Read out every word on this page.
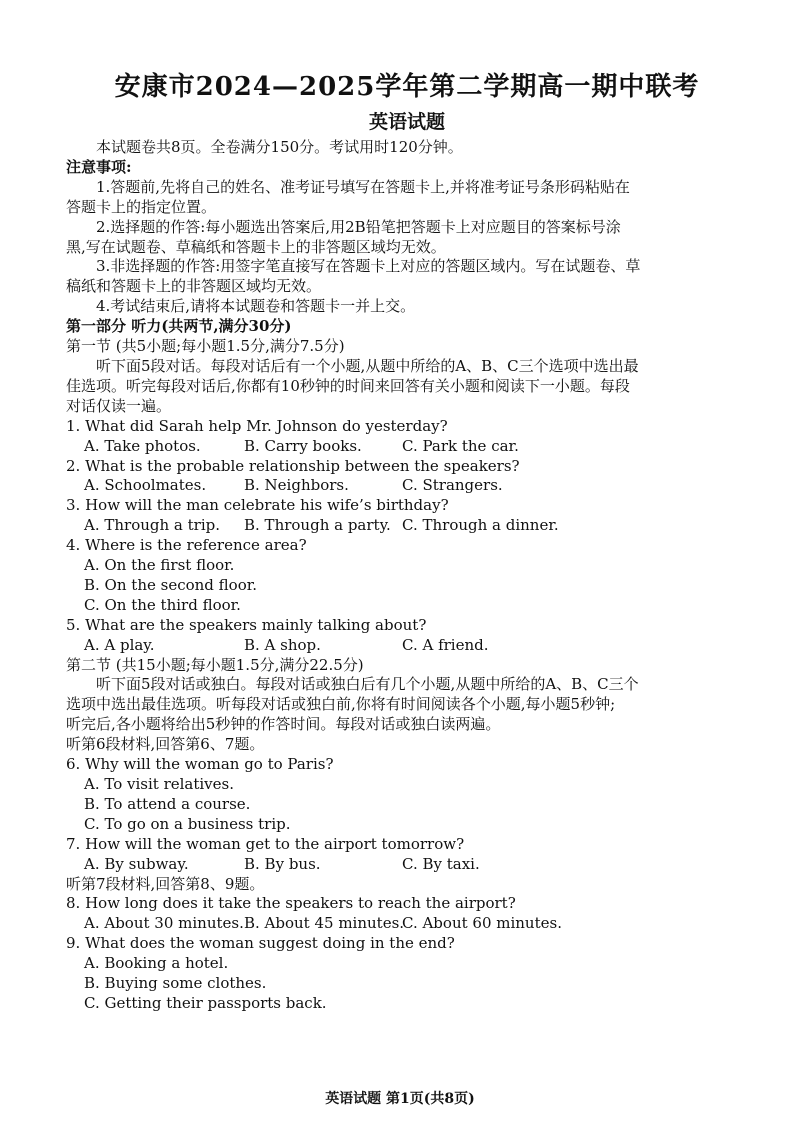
安康市2024—2025学年第二学期高一期中联考
英语试题

本试题卷共8页。全卷满分150分。考试用时120分钟。

注意事项:

1.答题前,先将自己的姓名、准考证号填写在答题卡上,并将准考证号条形码粘贴在

答题卡上的指定位置。

2.选择题的作答:每小题选出答案后,用2B铅笔把答题卡上对应题目的答案标号涂

黑,写在试题卷、草稿纸和答题卡上的非答题区域均无效。

3.非选择题的作答:用签字笔直接写在答题卡上对应的答题区域内。写在试题卷、草

稿纸和答题卡上的非答题区域均无效。

4.考试结束后,请将本试题卷和答题卡一并上交。

第一部分 听力(共两节,满分30分)

第一节 (共5小题;每小题1.5分,满分7.5分)

听下面5段对话。每段对话后有一个小题,从题中所给的A、B、C三个选项中选出最

佳选项。听完每段对话后,你都有10秒钟的时间来回答有关小题和阅读下一小题。每段

对话仅读一遍。

1. What did Sarah help Mr. Johnson do yesterday?

A. Take photos.	B. Carry books.	C. Park the car.

2. What is the probable relationship between the speakers?

A. Schoolmates.	B. Neighbors.	C. Strangers.

3. How will the man celebrate his wife’s birthday?

A. Through a trip.	B. Through a party. C. Through a dinner.

4. Where is the reference area?

A. On the first floor.

B. On the second floor.

C. On the third floor.

5. What are the speakers mainly talking about?

A. A play.	B. A shop.	C. A friend.

第二节 (共15小题;每小题1.5分,满分22.5分)

听下面5段对话或独白。每段对话或独白后有几个小题,从题中所给的A、B、C三个

选项中选出最佳选项。听每段对话或独白前,你将有时间阅读各个小题,每小题5秒钟;

听完后,各小题将给出5秒钟的作答时间。每段对话或独白读两遍。

听第6段材料,回答第6、7题。

6. Why will the woman go to Paris?

A. To visit relatives.

B. To attend a course.

C. To go on a business trip.

7. How will the woman get to the airport tomorrow?

A. By subway.	B. By bus.	C. By taxi.

听第7段材料,回答第8、9题。

8. How long does it take the speakers to reach the airport?

A. About 30 minutes. B. About 45 minutes.
C. About 60 minutes.

9. What does the woman suggest doing in the end?

A. Booking a hotel.

B. Buying some clothes.

C. Getting their passports back.

英语试题 第1页(共8页)
